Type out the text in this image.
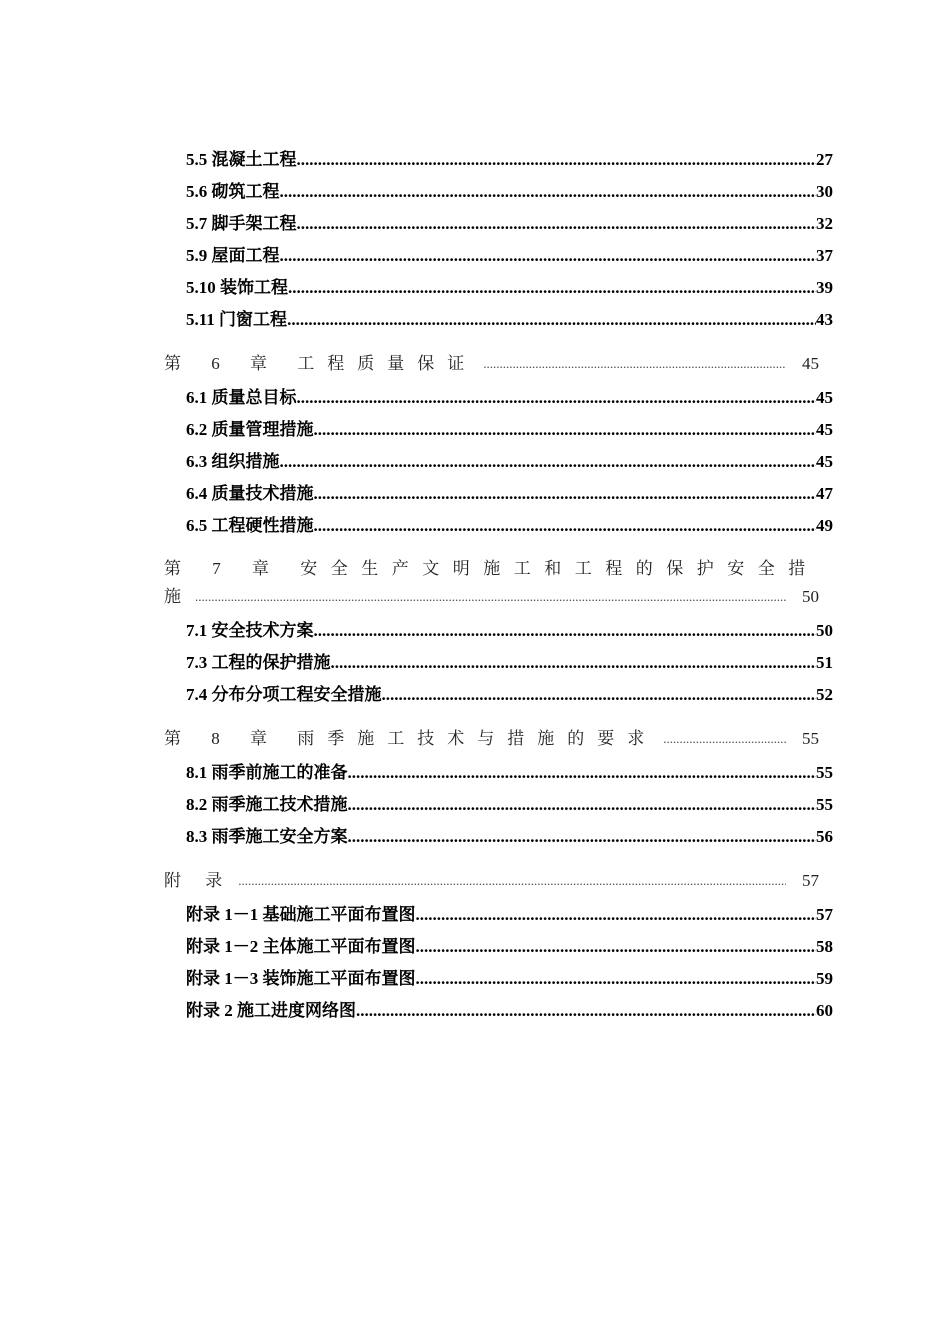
5.5 混凝土工程 .....	27
5.6 砌筑工程 .....	30
5.7 脚手架工程 .....	32
5.9 屋面工程 .....	37
5.10 装饰工程 .....	39
5.11 门窗工程 .....	43
第 6 章 工程质量保证 .....	45
6.1 质量总目标 .....	45
6.2 质量管理措施 .....	45
6.3 组织措施 .....	45
6.4 质量技术措施 .....	47
6.5 工程硬性措施 .....	49
第 7 章 安全生产文明施工和工程的保护安全措
施 .....	50
7.1 安全技术方案 .....	50
7.3 工程的保护措施 .....	51
7.4 分布分项工程安全措施 .....	52
第 8 章 雨季施工技术与措施的要求 .....	55
8.1 雨季前施工的准备 .....	55
8.2 雨季施工技术措施 .....	55
8.3 雨季施工安全方案 .....	56
附 录 .....	57
附录 1－1 基础施工平面布置图 .....	57
附录 1－2 主体施工平面布置图 .....	58
附录 1－3 装饰施工平面布置图 .....	59
附录 2 施工进度网络图 .....	60
